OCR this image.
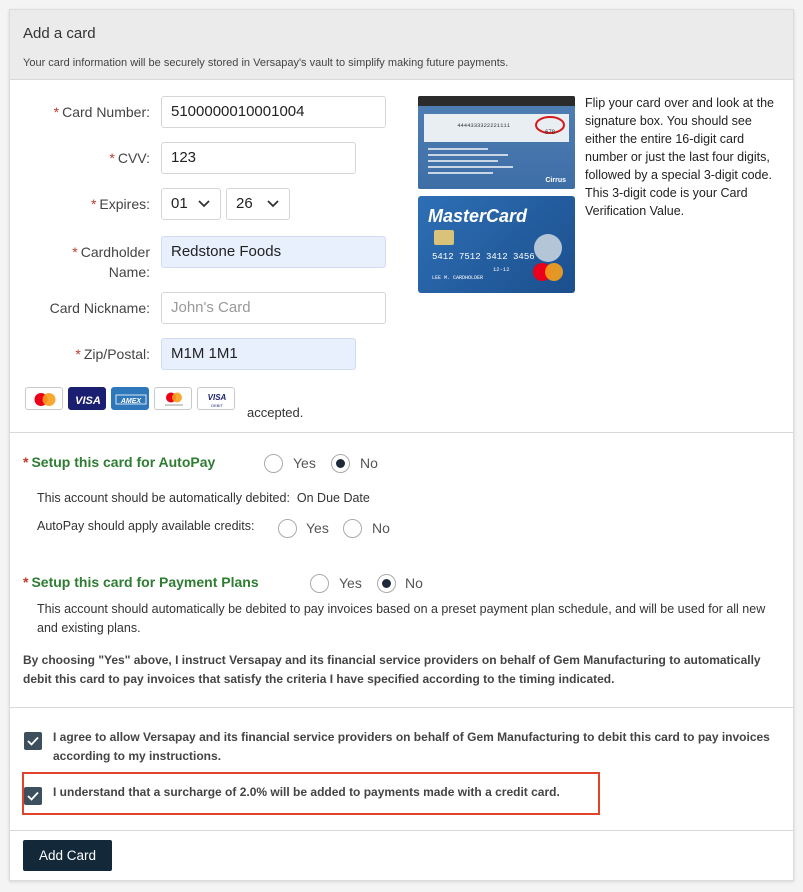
Add a card
Your card information will be securely stored in Versapay's vault to simplify making future payments.
* Card Number:	5100000010001004
* CVV:	123
* Expires:	01	26
* Cardholder
Name:
Redstone Foods
Card Nickname:	John's Card
* Zip/Postal:	M1M 1M1
VISA	AMEX	VISA
DEBIT accepted.
4444333322221111
678
Cirrus
MasterCard
5412 7512 3412 3456
12-12
LEE M. CARDHOLDER
Flip your card over and look at the signature box. You should see either the entire 16-digit card number or just the last four digits, followed by a special 3-digit code. This 3-digit code is your Card Verification Value.
* Setup this card for AutoPay	Yes	No
This account should be automatically debited: On Due Date
AutoPay should apply available credits:	Yes	No
* Setup this card for Payment Plans	Yes	No
This account should automatically be debited to pay invoices based on a preset payment plan schedule, and will be used for all new and existing plans.
By choosing "Yes" above, I instruct Versapay and its financial service providers on behalf of Gem Manufacturing to automatically debit this card to pay invoices that satisfy the criteria I have specified according to the timing indicated.
I agree to allow Versapay and its financial service providers on behalf of Gem Manufacturing to debit this card to pay invoices according to my instructions.
I understand that a surcharge of 2.0% will be added to payments made with a credit card.
Add Card
